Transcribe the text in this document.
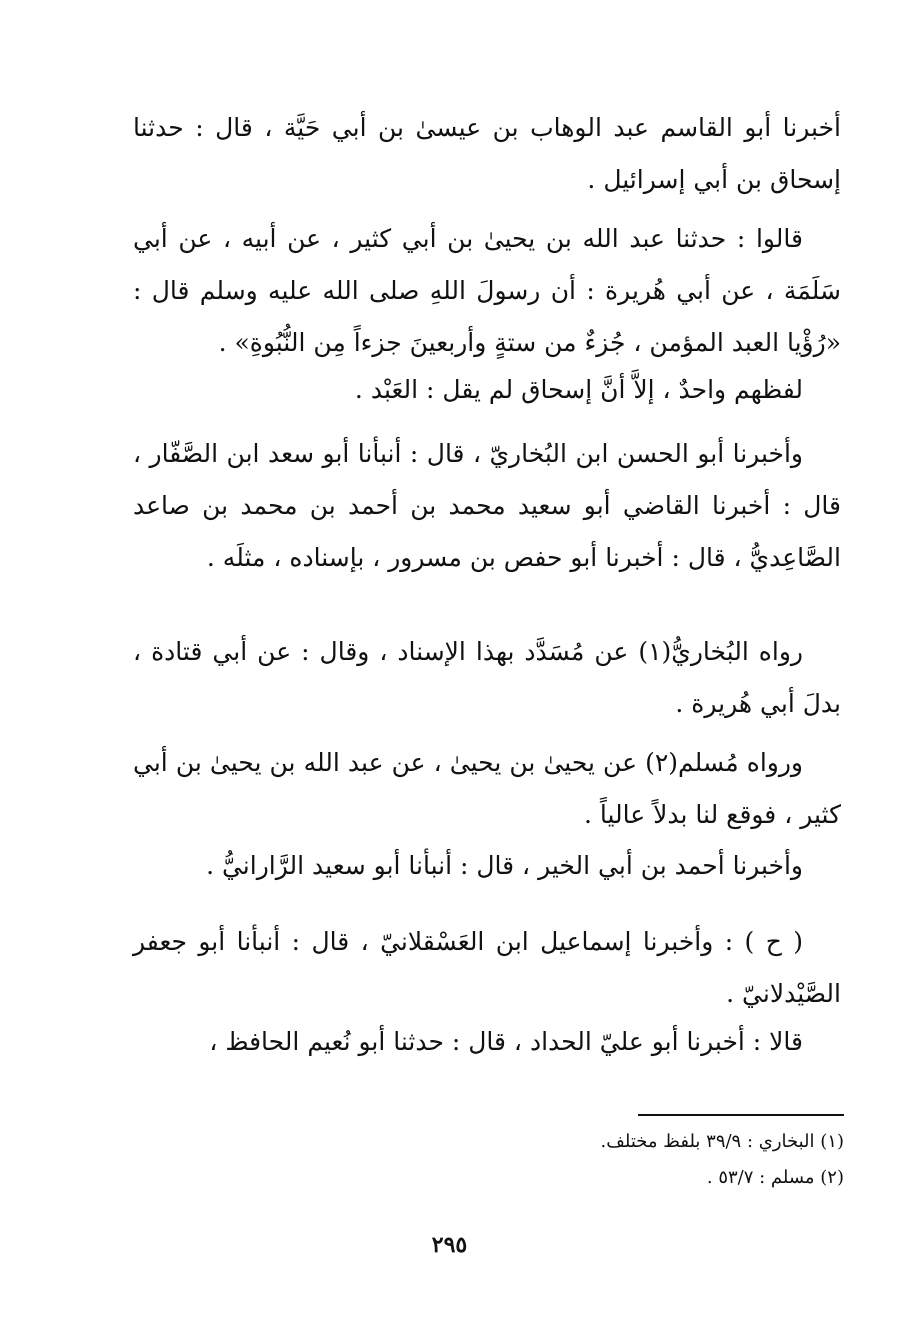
أخبرنا أبو القاسم عبد الوهاب بن عيسىٰ بن أبي حَيَّة ، قال : حدثنا إسحاق بن أبي إسرائيل .

قالوا : حدثنا عبد الله بن يحيىٰ بن أبي كثير ، عن أبيه ، عن أبي سَلَمَة ، عن أبي هُريرة : أن رسولَ اللهِ صلى الله عليه وسلم قال : «رُؤْيا العبد المؤمن ، جُزءٌ من ستةٍ وأربعينَ جزءاً مِن النُّبُوةِ» .

لفظهم واحدٌ ، إلاَّ أنَّ إسحاق لم يقل : العَبْد .

وأخبرنا أبو الحسن ابن البُخاريّ ، قال : أنبأنا أبو سعد ابن الصَّفّار ، قال : أخبرنا القاضي أبو سعيد محمد بن أحمد بن محمد بن صاعد الصَّاعِديُّ ، قال : أخبرنا أبو حفص بن مسرور ، بإسناده ، مثلَه .

رواه البُخاريُّ(١) عن مُسَدَّد بهذا الإسناد ، وقال : عن أبي قتادة ، بدلَ أبي هُريرة .

ورواه مُسلم(٢) عن يحيىٰ بن يحيىٰ ، عن عبد الله بن يحيىٰ بن أبي كثير ، فوقع لنا بدلاً عالياً .

وأخبرنا أحمد بن أبي الخير ، قال : أنبأنا أبو سعيد الرَّارانيُّ .

( ح ) : وأخبرنا إسماعيل ابن العَسْقلانيّ ، قال : أنبأنا أبو جعفر الصَّيْدلانيّ .

قالا : أخبرنا أبو عليّ الحداد ، قال : حدثنا أبو نُعيم الحافظ ،

(١) البخاري : ٣٩/٩ بلفظ مختلف.

(٢) مسلم : ٥٣/٧ .

٢٩٥
